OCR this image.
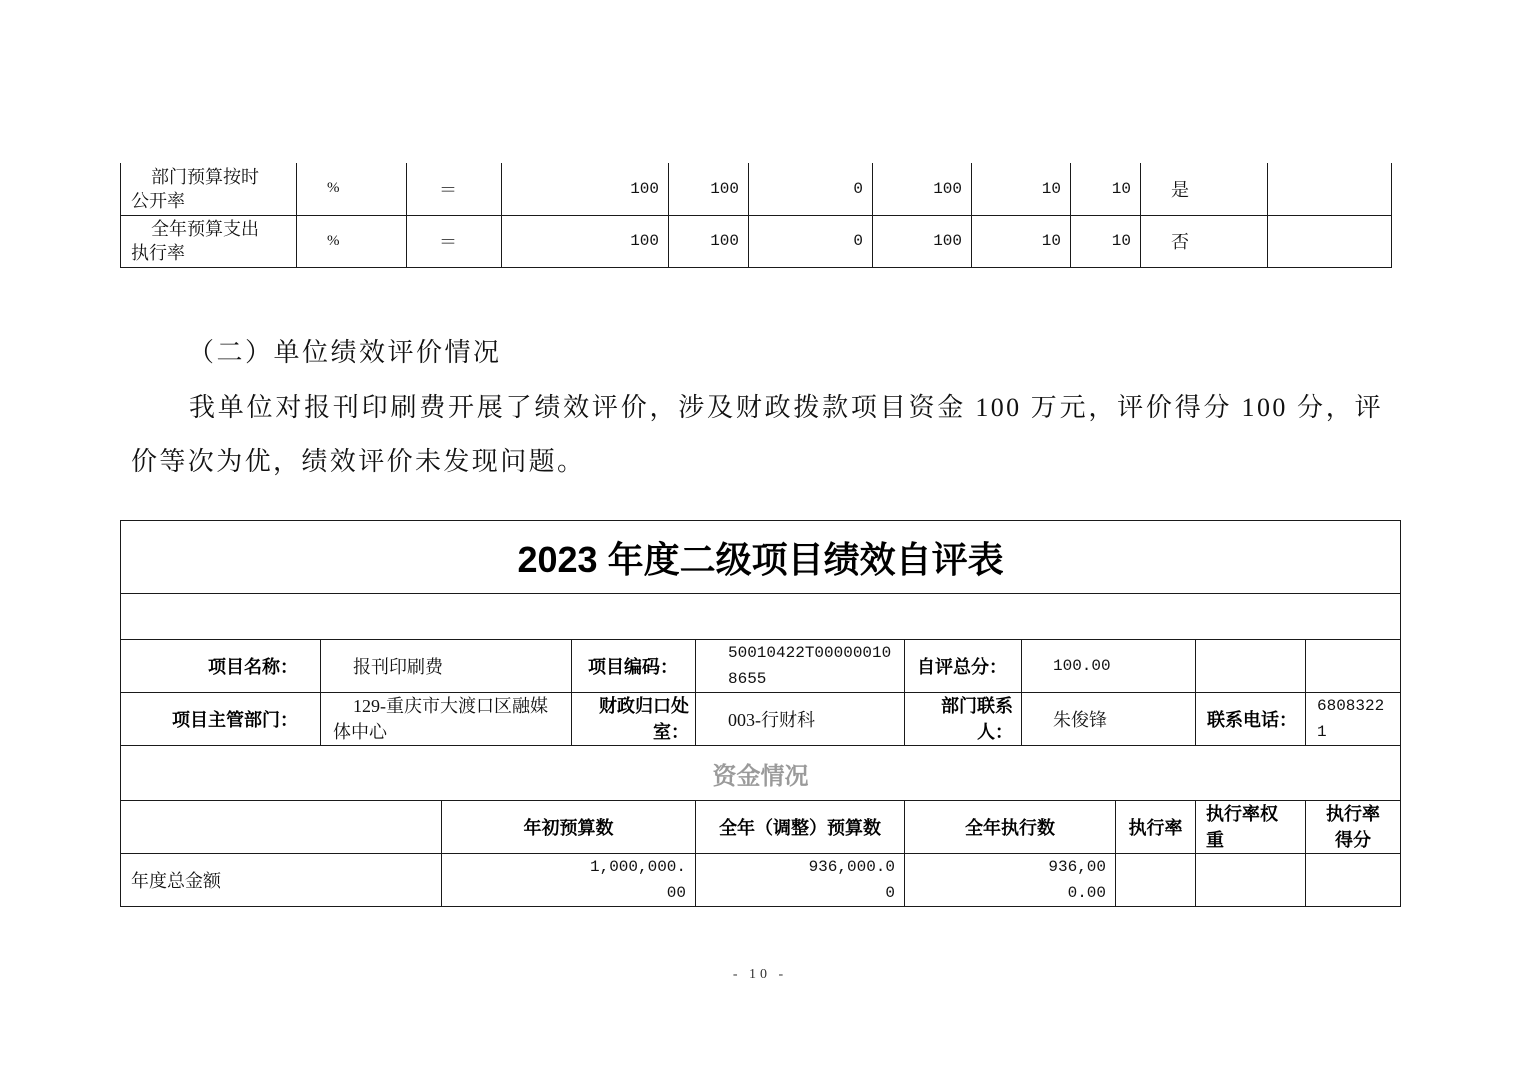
部门预算按时公开率	%	＝	100	100	0	100	10	10	是	

全年预算支出执行率	%	＝	100	100	0	100	10	10	否	
（二）单位绩效评价情况

我单位对报刊印刷费开展了绩效评价，涉及财政拨款项目资金 100 万元，评价得分 100 分，评价等次为优，绩效评价未发现问题。

2023 年度二级项目绩效自评表									

项目名称：	报刊印刷费		项目编码：	50010422T000000108655	自评总分：	100.00			
项目主管部门：	129-重庆市大渡口区融媒体中心		财政归口处室：	003-行财科	部门联系人：	朱俊锋		联系电话：	68083221

资金情况									
		年初预算数		全年（调整）预算数	全年执行数		执行率	执行率权重	执行率得分
年度总金额		1,000,000.00		936,000.00	936,000.00				
- 10 -
